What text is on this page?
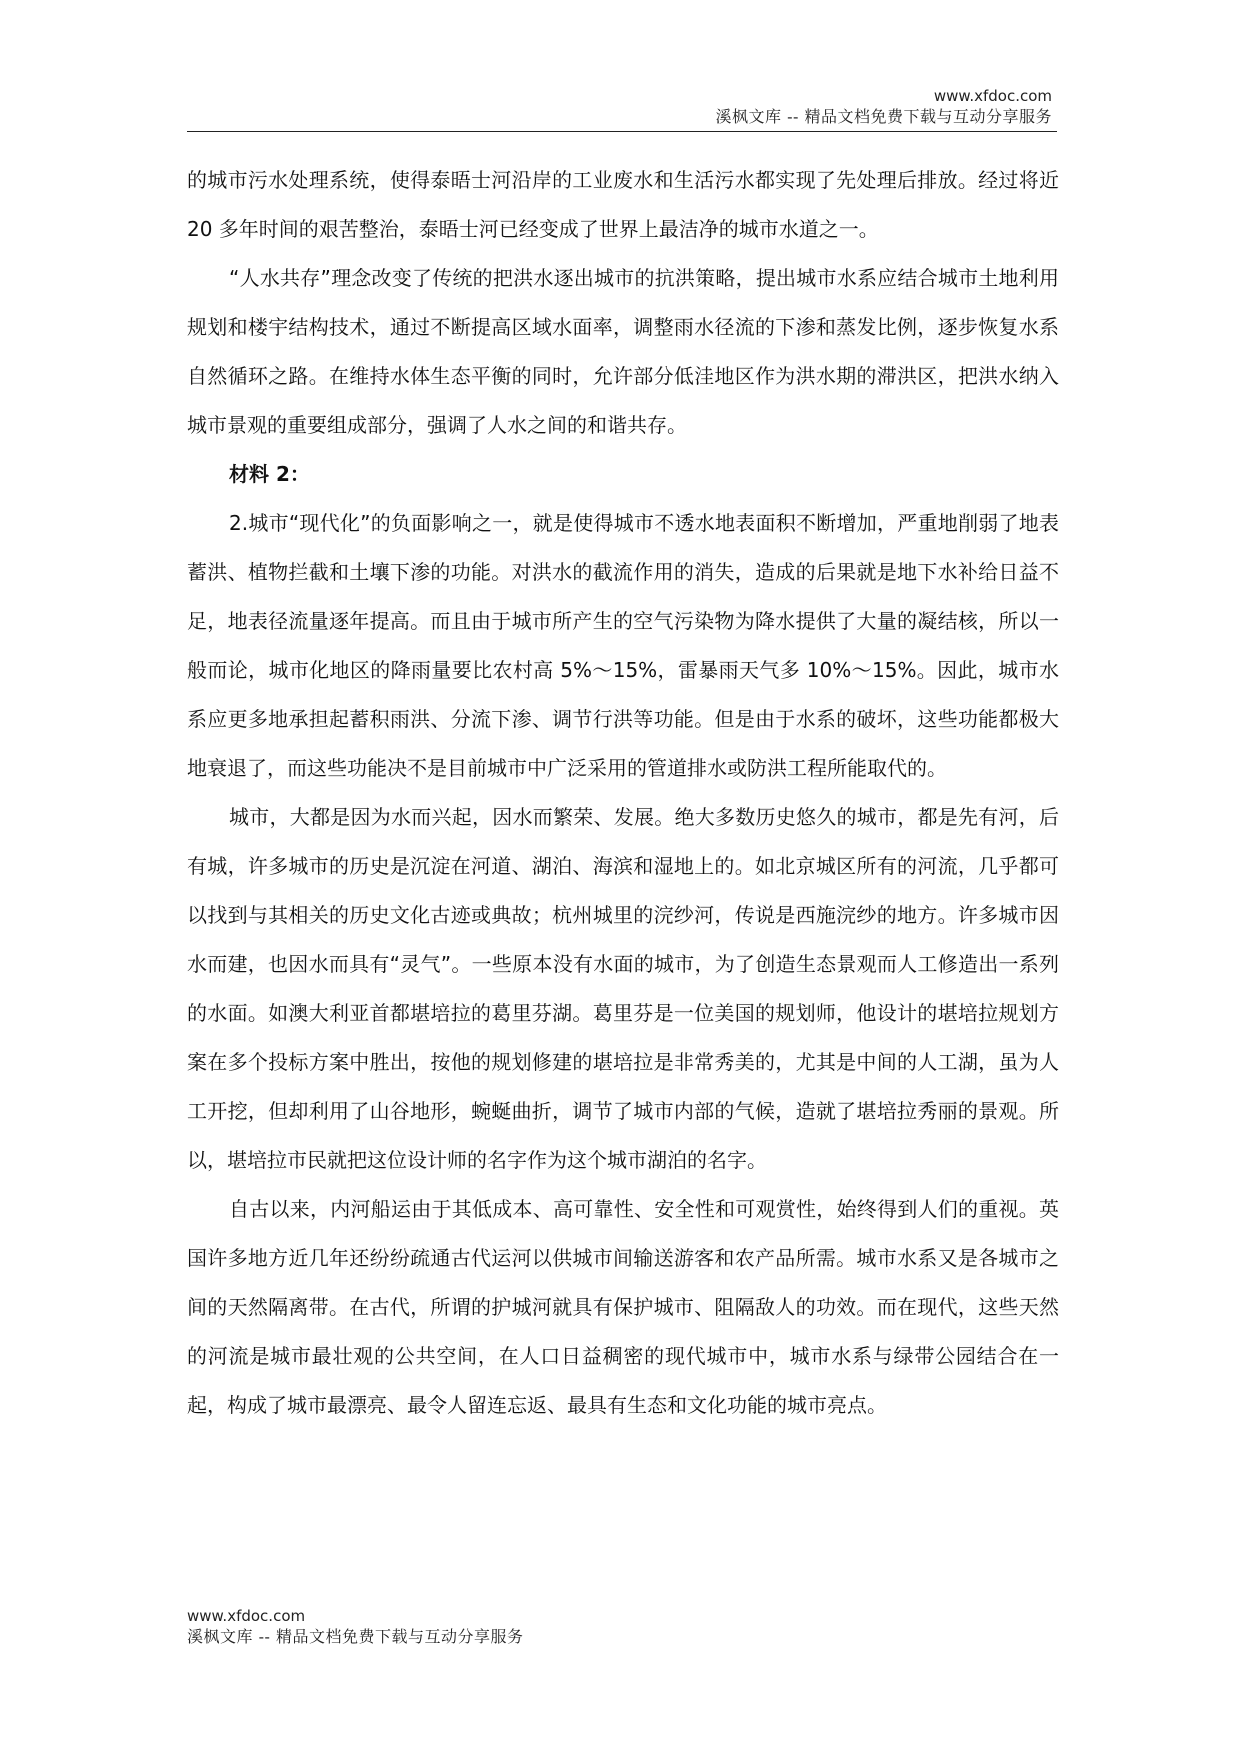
www.xfdoc.com
溪枫文库 -- 精品文档免费下载与互动分享服务

的城市污水处理系统，使得泰晤士河沿岸的工业废水和生活污水都实现了先处理后排放。经过将近 20 多年时间的艰苦整治，泰晤士河已经变成了世界上最洁净的城市水道之一。

“人水共存”理念改变了传统的把洪水逐出城市的抗洪策略，提出城市水系应结合城市土地利用规划和楼宇结构技术，通过不断提高区域水面率，调整雨水径流的下渗和蒸发比例，逐步恢复水系自然循环之路。在维持水体生态平衡的同时，允许部分低洼地区作为洪水期的滞洪区，把洪水纳入城市景观的重要组成部分，强调了人水之间的和谐共存。

材料 2：

2.城市“现代化”的负面影响之一，就是使得城市不透水地表面积不断增加，严重地削弱了地表蓄洪、植物拦截和土壤下渗的功能。对洪水的截流作用的消失，造成的后果就是地下水补给日益不足，地表径流量逐年提高。而且由于城市所产生的空气污染物为降水提供了大量的凝结核，所以一般而论，城市化地区的降雨量要比农村高 5%～15%，雷暴雨天气多 10%～15%。因此，城市水系应更多地承担起蓄积雨洪、分流下渗、调节行洪等功能。但是由于水系的破坏，这些功能都极大地衰退了，而这些功能决不是目前城市中广泛采用的管道排水或防洪工程所能取代的。

城市，大都是因为水而兴起，因水而繁荣、发展。绝大多数历史悠久的城市，都是先有河，后有城，许多城市的历史是沉淀在河道、湖泊、海滨和湿地上的。如北京城区所有的河流，几乎都可以找到与其相关的历史文化古迹或典故；杭州城里的浣纱河，传说是西施浣纱的地方。许多城市因水而建，也因水而具有“灵气”。一些原本没有水面的城市，为了创造生态景观而人工修造出一系列的水面。如澳大利亚首都堪培拉的葛里芬湖。葛里芬是一位美国的规划师，他设计的堪培拉规划方案在多个投标方案中胜出，按他的规划修建的堪培拉是非常秀美的，尤其是中间的人工湖，虽为人工开挖，但却利用了山谷地形，蜿蜒曲折，调节了城市内部的气候，造就了堪培拉秀丽的景观。所以，堪培拉市民就把这位设计师的名字作为这个城市湖泊的名字。

自古以来，内河船运由于其低成本、高可靠性、安全性和可观赏性，始终得到人们的重视。英国许多地方近几年还纷纷疏通古代运河以供城市间输送游客和农产品所需。城市水系又是各城市之间的天然隔离带。在古代，所谓的护城河就具有保护城市、阻隔敌人的功效。而在现代，这些天然的河流是城市最壮观的公共空间，在人口日益稠密的现代城市中，城市水系与绿带公园结合在一起，构成了城市最漂亮、最令人留连忘返、最具有生态和文化功能的城市亮点。

www.xfdoc.com
溪枫文库 -- 精品文档免费下载与互动分享服务
